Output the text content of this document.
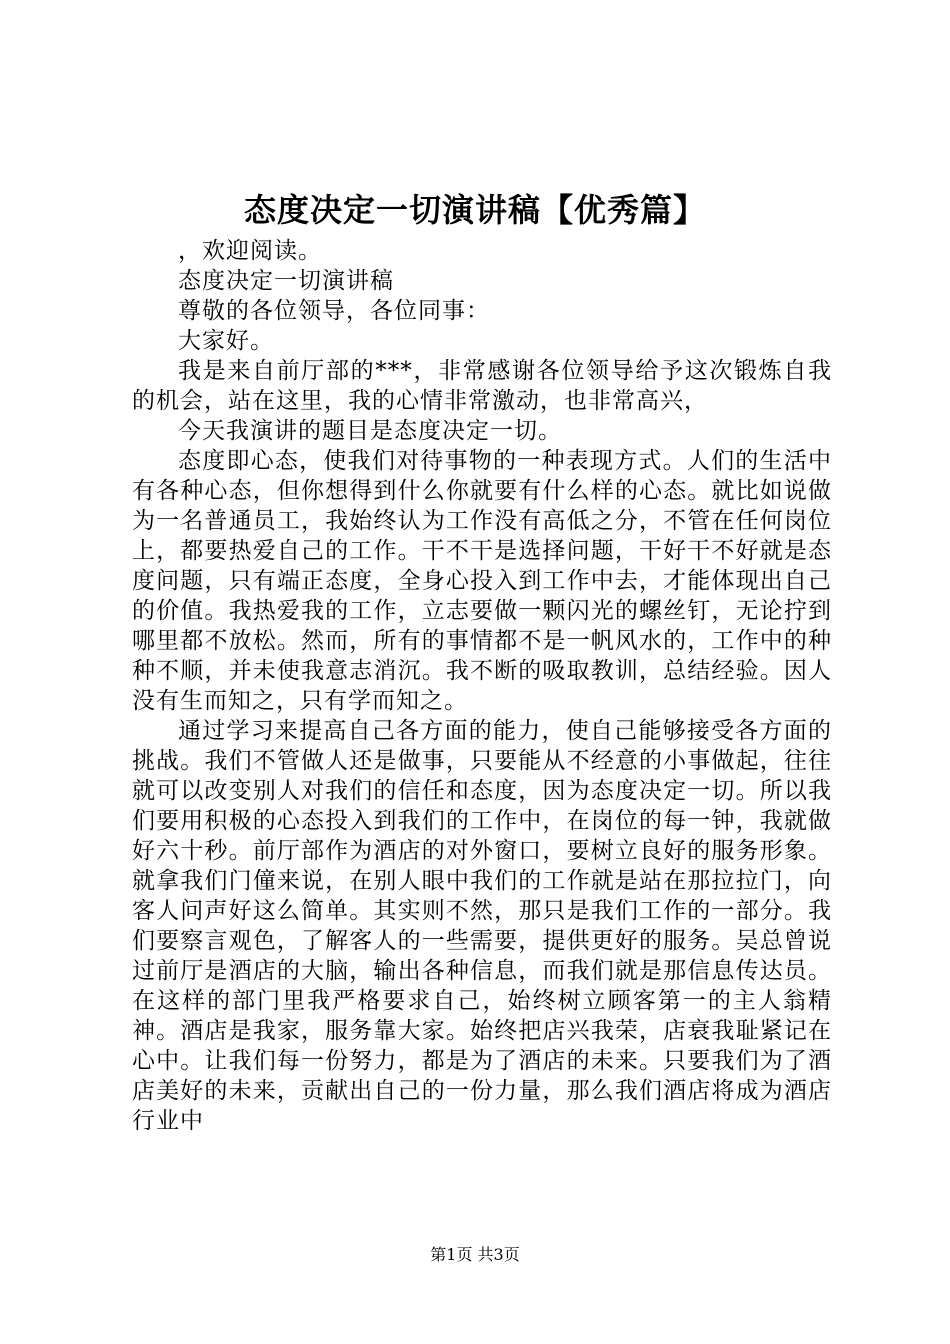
态度决定一切演讲稿【优秀篇】

，欢迎阅读。

态度决定一切演讲稿

尊敬的各位领导，各位同事：

大家好。

我是来自前厅部的***，非常感谢各位领导给予这次锻炼自我的机会，站在这里，我的心情非常激动，也非常高兴，

今天我演讲的题目是态度决定一切。

态度即心态，使我们对待事物的一种表现方式。人们的生活中有各种心态，但你想得到什么你就要有什么样的心态。就比如说做为一名普通员工，我始终认为工作没有高低之分，不管在任何岗位上，都要热爱自己的工作。干不干是选择问题，干好干不好就是态度问题，只有端正态度，全身心投入到工作中去，才能体现出自己的价值。我热爱我的工作，立志要做一颗闪光的螺丝钉，无论拧到哪里都不放松。然而，所有的事情都不是一帆风水的，工作中的种种不顺，并未使我意志消沉。我不断的吸取教训，总结经验。因人没有生而知之，只有学而知之。

通过学习来提高自己各方面的能力，使自己能够接受各方面的挑战。我们不管做人还是做事，只要能从不经意的小事做起，往往就可以改变别人对我们的信任和态度，因为态度决定一切。所以我们要用积极的心态投入到我们的工作中，在岗位的每一钟，我就做好六十秒。前厅部作为酒店的对外窗口，要树立良好的服务形象。就拿我们门僮来说，在别人眼中我们的工作就是站在那拉拉门，向客人问声好这么简单。其实则不然，那只是我们工作的一部分。我们要察言观色，了解客人的一些需要，提供更好的服务。吴总曾说过前厅是酒店的大脑，输出各种信息，而我们就是那信息传达员。在这样的部门里我严格要求自己，始终树立顾客第一的主人翁精神。酒店是我家，服务靠大家。始终把店兴我荣，店衰我耻紧记在心中。让我们每一份努力，都是为了酒店的未来。只要我们为了酒店美好的未来，贡献出自己的一份力量，那么我们酒店将成为酒店行业中

第1页 共3页
